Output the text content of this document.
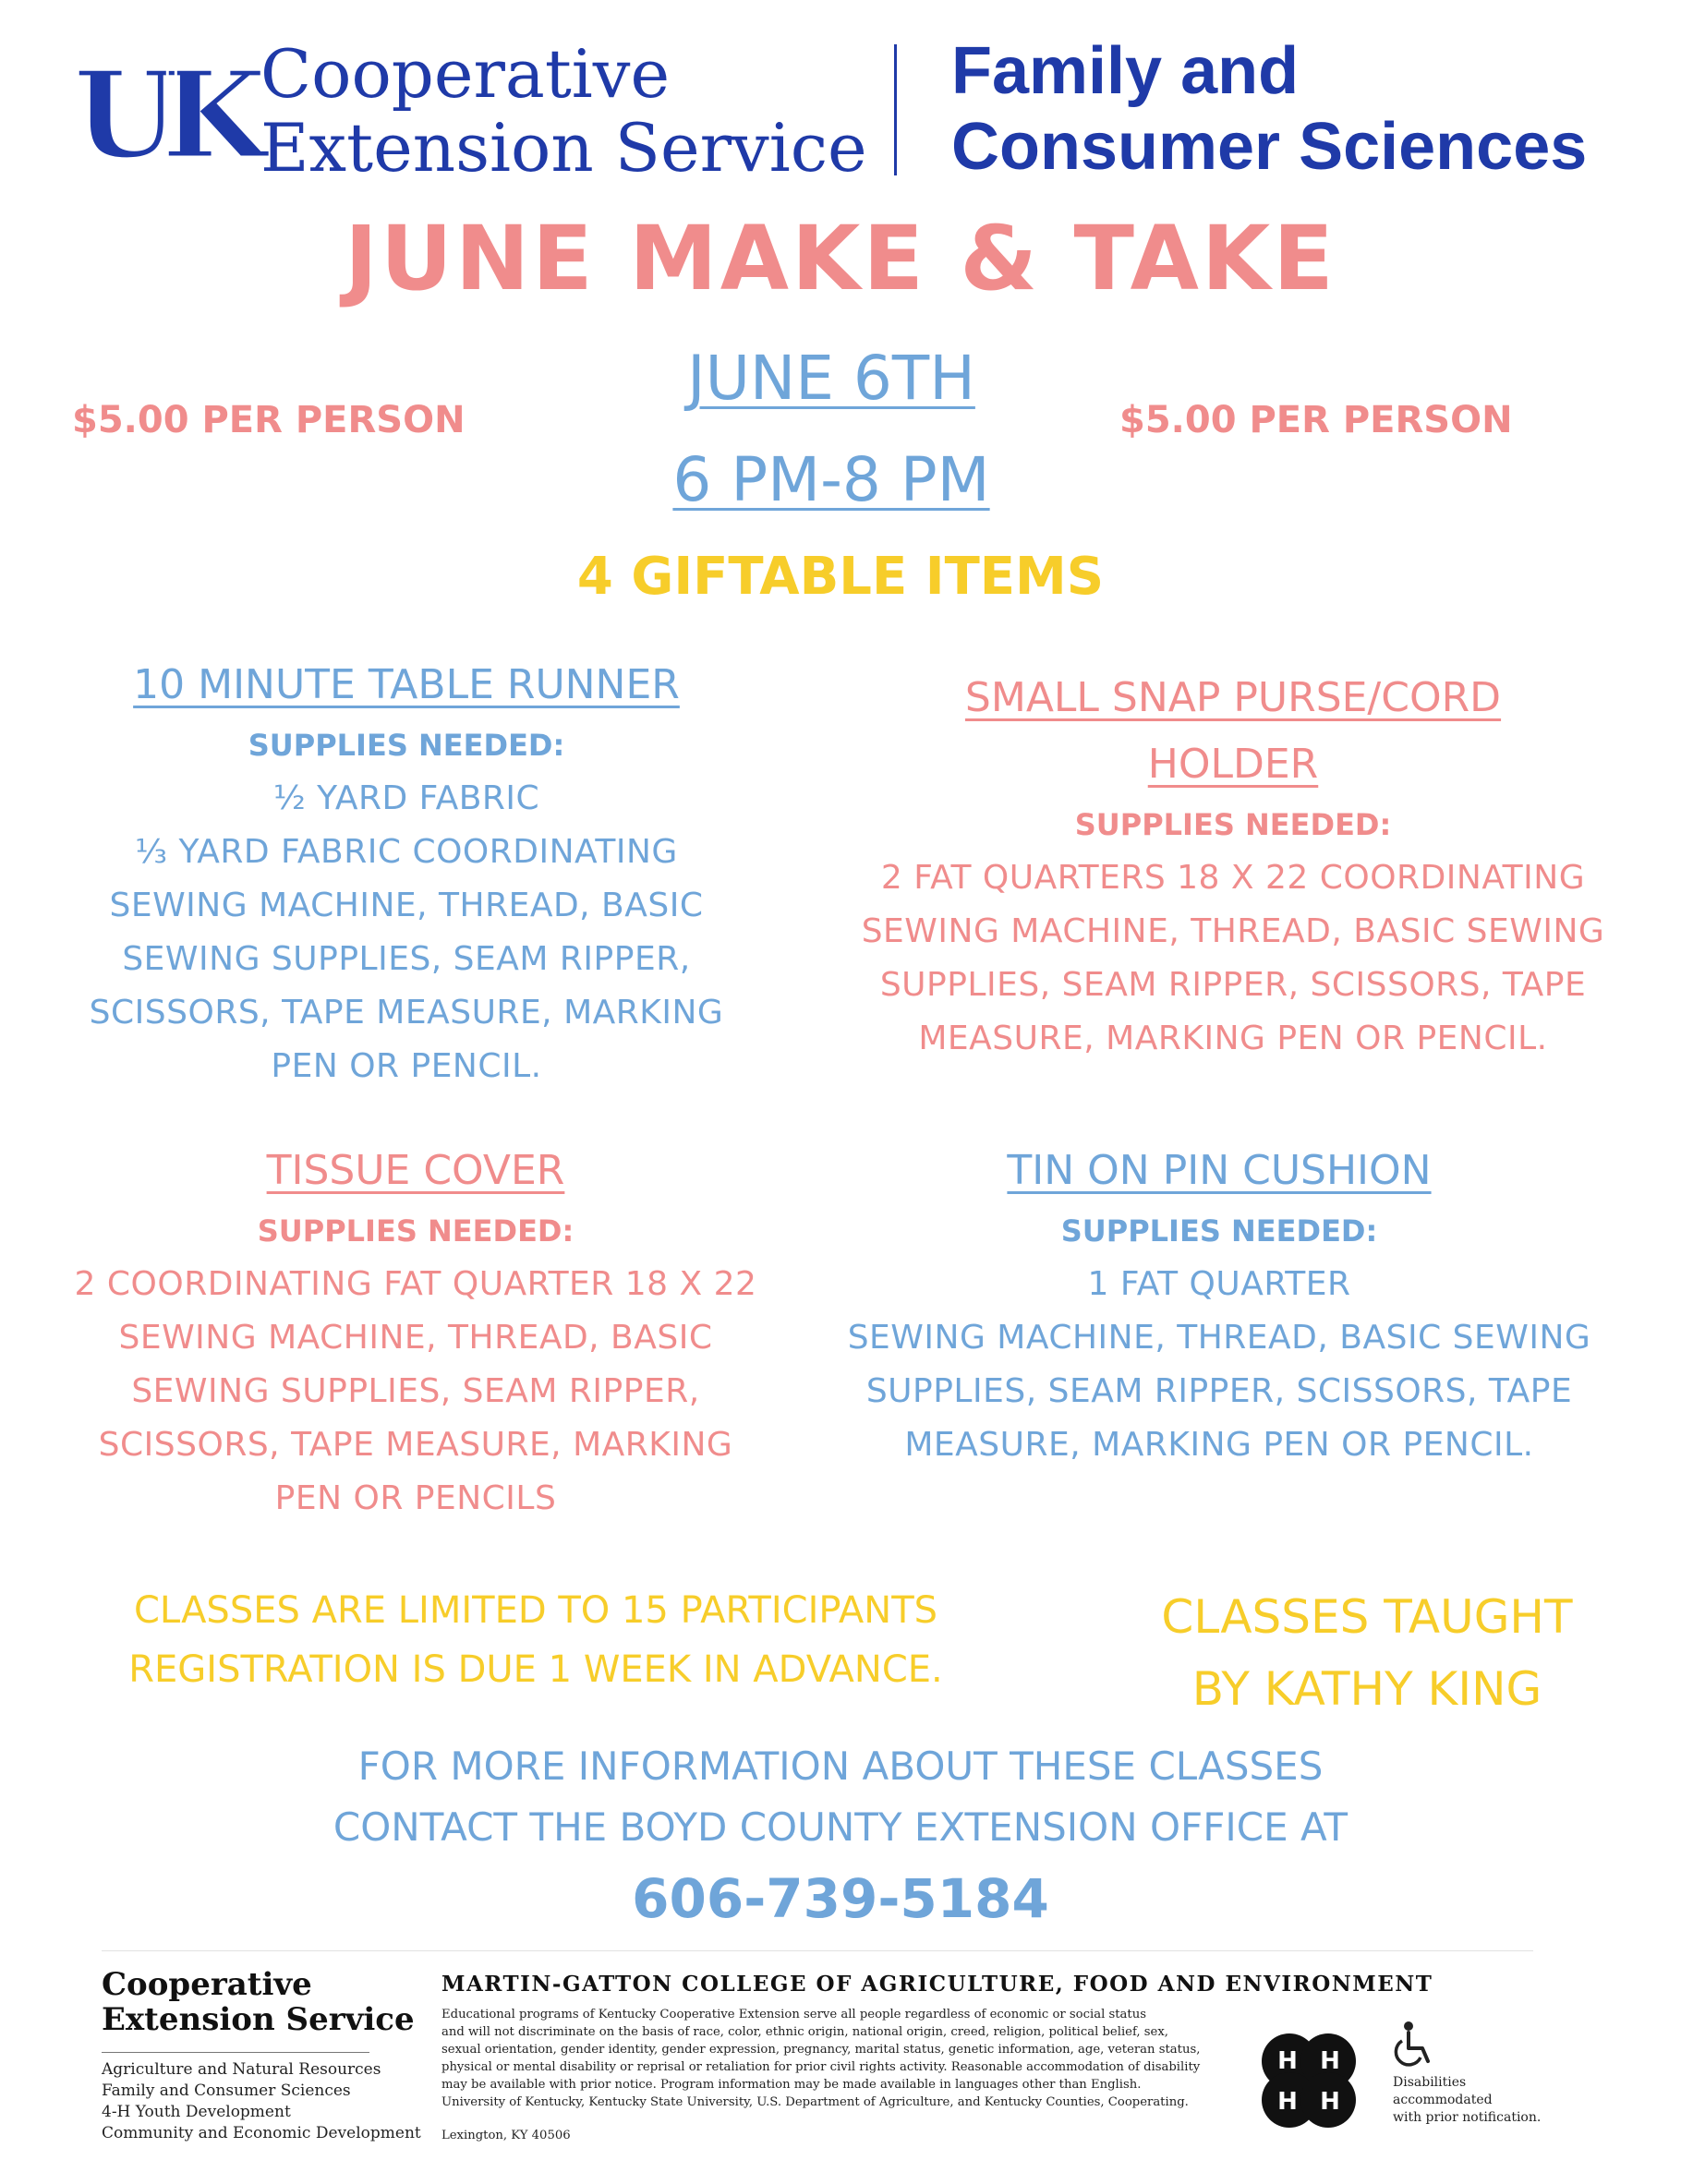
UK Cooperative
Extension Service
Family and
Consumer Sciences
JUNE MAKE & TAKE
JUNE 6TH
6 PM-8 PM
$5.00 PER PERSON	$5.00 PER PERSON
4 GIFTABLE ITEMS
10 MINUTE TABLE RUNNER
SUPPLIES NEEDED:
½ YARD FABRIC
⅓ YARD FABRIC COORDINATING
SEWING MACHINE, THREAD, BASIC
SEWING SUPPLIES, SEAM RIPPER,
SCISSORS, TAPE MEASURE, MARKING
PEN OR PENCIL.
SMALL SNAP PURSE/CORD
HOLDER
SUPPLIES NEEDED:
2 FAT QUARTERS 18 X 22 COORDINATING
SEWING MACHINE, THREAD, BASIC SEWING
SUPPLIES, SEAM RIPPER, SCISSORS, TAPE
MEASURE, MARKING PEN OR PENCIL.
TISSUE COVER
SUPPLIES NEEDED:
2 COORDINATING FAT QUARTER 18 X 22
SEWING MACHINE, THREAD, BASIC
SEWING SUPPLIES, SEAM RIPPER,
SCISSORS, TAPE MEASURE, MARKING
PEN OR PENCILS
TIN ON PIN CUSHION
SUPPLIES NEEDED:
1 FAT QUARTER
SEWING MACHINE, THREAD, BASIC SEWING
SUPPLIES, SEAM RIPPER, SCISSORS, TAPE
MEASURE, MARKING PEN OR PENCIL.
CLASSES ARE LIMITED TO 15 PARTICIPANTS
REGISTRATION IS DUE 1 WEEK IN ADVANCE.
CLASSES TAUGHT
BY KATHY KING
FOR MORE INFORMATION ABOUT THESE CLASSES
CONTACT THE BOYD COUNTY EXTENSION OFFICE AT
606-739-5184
Cooperative
Extension Service
Agriculture and Natural Resources
Family and Consumer Sciences
4-H Youth Development
Community and Economic Development
MARTIN-GATTON COLLEGE OF AGRICULTURE, FOOD AND ENVIRONMENT
Educational programs of Kentucky Cooperative Extension serve all people regardless of economic or social status
and will not discriminate on the basis of race, color, ethnic origin, national origin, creed, religion, political belief, sex,
sexual orientation, gender identity, gender expression, pregnancy, marital status, genetic information, age, veteran status,
physical or mental disability or reprisal or retaliation for prior civil rights activity. Reasonable accommodation of disability
may be available with prior notice. Program information may be made available in languages other than English.
University of Kentucky, Kentucky State University, U.S. Department of Agriculture, and Kentucky Counties, Cooperating.
Lexington, KY 40506
H H
H H
Disabilities
accommodated
with prior notification.
